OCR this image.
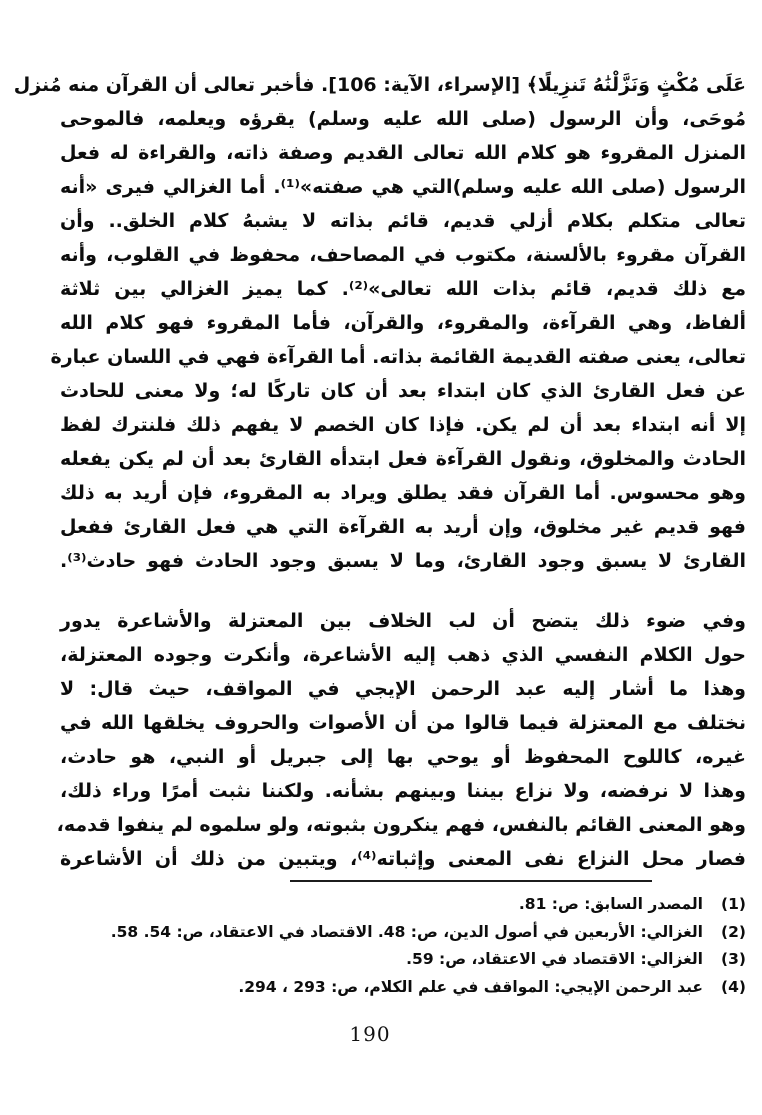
عَلَى مُكْثٍ وَنَزَّلْنَٰهُ تَنزِيلًا﴾ [الإسراء، الآية: 106]. فأخبر تعالى أن القرآن منه مُنزل
مُوحَى، وأن الرسول (صلى الله عليه وسلم) يقرؤه ويعلمه، فالموحى
المنزل المقروء هو كلام الله تعالى القديم وصفة ذاته، والقراءة له فعل
الرسول (صلى الله عليه وسلم)التي هي صفته»⁽¹⁾. أما الغزالي فيرى «أنه
تعالى متكلم بكلام أزلي قديم، قائم بذاته لا يشبهُ كلام الخلق.. وأن
القرآن مقروء بالألسنة، مكتوب في المصاحف، محفوظ في القلوب، وأنه
مع ذلك قديم، قائم بذات الله تعالى»⁽²⁾. كما يميز الغزالي بين ثلاثة
ألفاظ، وهي القرآءة، والمقروء، والقرآن، فأما المقروء فهو كلام الله
تعالى، يعنى صفته القديمة القائمة بذاته. أما القرآءة فهي في اللسان عبارة
عن فعل القارئ الذي كان ابتداء بعد أن كان تاركًا له؛ ولا معنى للحادث
إلا أنه ابتداء بعد أن لم يكن. فإذا كان الخصم لا يفهم ذلك فلنترك لفظ
الحادث والمخلوق، ونقول القرآءة فعل ابتدأه القارئ بعد أن لم يكن يفعله
وهو محسوس. أما القرآن فقد يطلق ويراد به المقروء، فإن أريد به ذلك
فهو قديم غير مخلوق، وإن أريد به القرآءة التي هي فعل القارئ ففعل
القارئ لا يسبق وجود القارئ، وما لا يسبق وجود الحادث فهو حادث⁽³⁾.
وفي ضوء ذلك يتضح أن لب الخلاف بين المعتزلة والأشاعرة يدور
حول الكلام النفسي الذي ذهب إليه الأشاعرة، وأنكرت وجوده المعتزلة،
وهذا ما أشار إليه عبد الرحمن الإيجي في المواقف، حيث قال: لا
نختلف مع المعتزلة فيما قالوا من أن الأصوات والحروف يخلقها الله في
غيره، كاللوح المحفوظ أو يوحي بها إلى جبريل أو النبي، هو حادث،
وهذا لا نرفضه، ولا نزاع بيننا وبينهم بشأنه. ولكننا نثبت أمرًا وراء ذلك،
وهو المعنى القائم بالنفس، فهم ينكرون بثبوته، ولو سلموه لم ينفوا قدمه،
فصار محل النزاع نفى المعنى وإثباته⁽⁴⁾، ويتبين من ذلك أن الأشاعرة
(1)
المصدر السابق: ص: 81.
(2)
الغزالي: الأربعين في أصول الدين، ص: 48. الاقتصاد في الاعتقاد، ص: 54. 58.
(3)
الغزالي: الاقتصاد في الاعتقاد، ص: 59.
(4)
عبد الرحمن الإيجي: المواقف في علم الكلام، ص: 293 ، 294.
190
